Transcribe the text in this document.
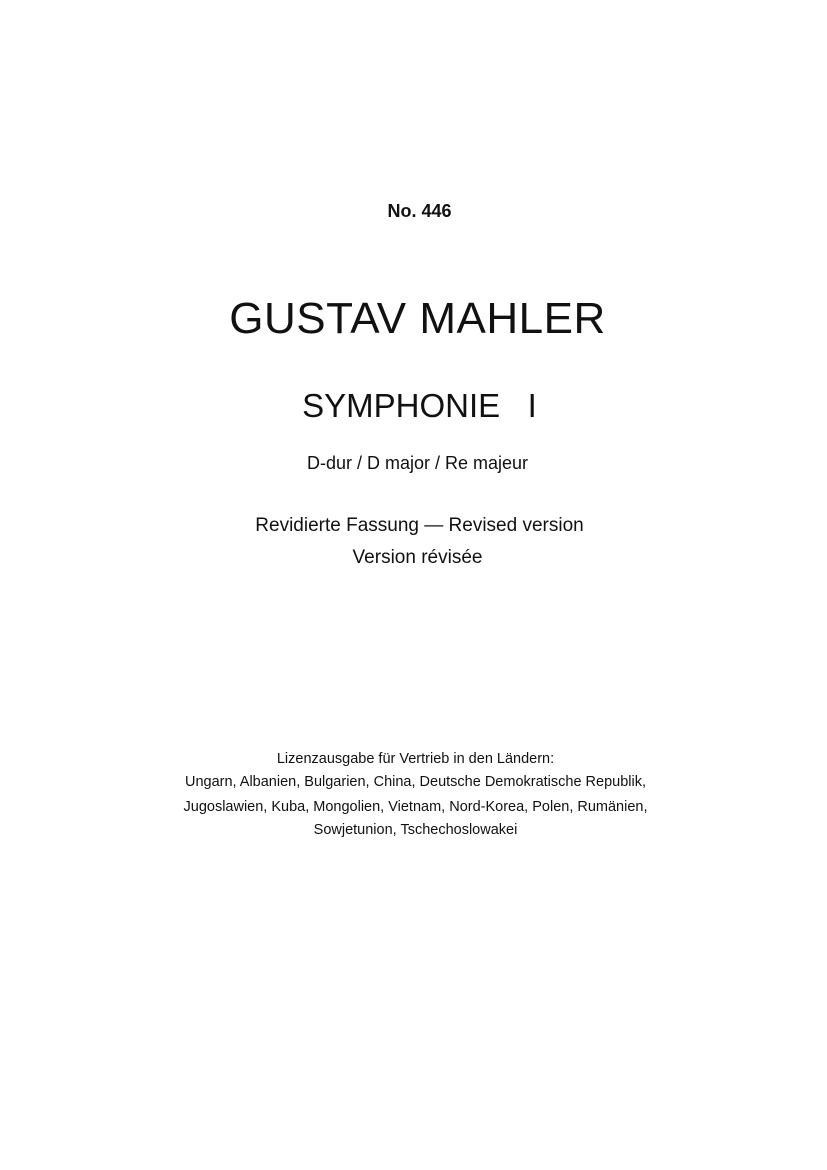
No. 446
GUSTAV MAHLER
SYMPHONIE   I
D-dur / D major / Re majeur
Revidierte Fassung — Revised version
Version révisée
Lizenzausgabe für Vertrieb in den Ländern:
Ungarn, Albanien, Bulgarien, China, Deutsche Demokratische Republik,
Jugoslawien, Kuba, Mongolien, Vietnam, Nord-Korea, Polen, Rumänien,
Sowjetunion, Tschechoslowakei
